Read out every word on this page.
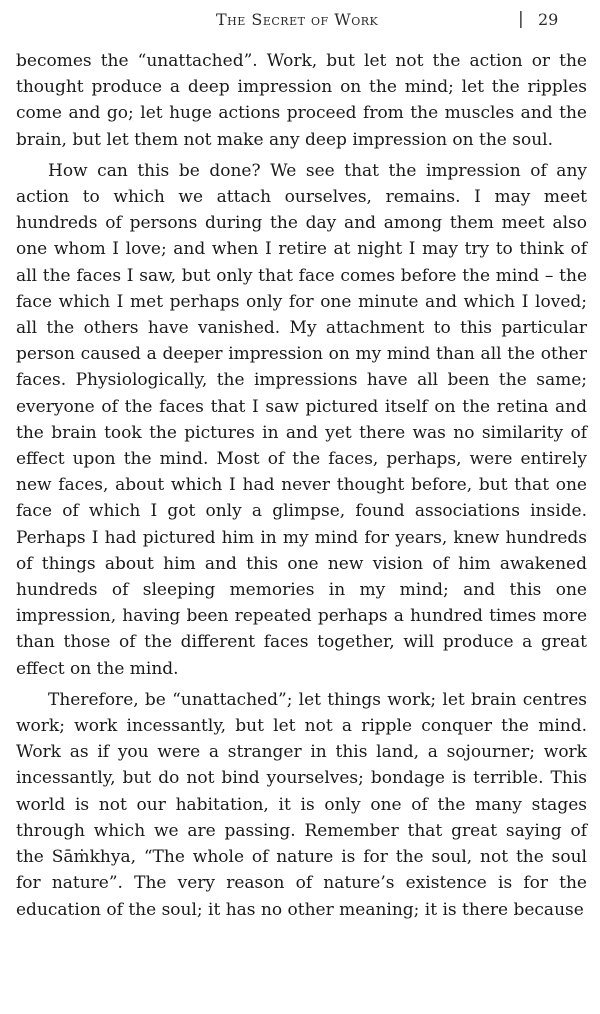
The Secret of Work	| 29

becomes the “unattached”. Work, but let not the action or the thought produce a deep impression on the mind; let the ripples come and go; let huge actions proceed from the muscles and the brain, but let them not make any deep impression on the soul.

How can this be done? We see that the impression of any action to which we attach ourselves, remains. I may meet hundreds of persons during the day and among them meet also one whom I love; and when I retire at night I may try to think of all the faces I saw, but only that face comes before the mind – the face which I met perhaps only for one minute and which I loved; all the others have vanished. My attachment to this particular person caused a deeper impression on my mind than all the other faces. Physiologically, the impressions have all been the same; everyone of the faces that I saw pictured itself on the retina and the brain took the pictures in and yet there was no similarity of effect upon the mind. Most of the faces, perhaps, were entirely new faces, about which I had never thought before, but that one face of which I got only a glimpse, found associations inside. Perhaps I had pictured him in my mind for years, knew hundreds of things about him and this one new vision of him awakened hundreds of sleeping memories in my mind; and this one impression, having been repeated perhaps a hundred times more than those of the different faces together, will produce a great effect on the mind.

Therefore, be “unattached”; let things work; let brain centres work; work incessantly, but let not a ripple conquer the mind. Work as if you were a stranger in this land, a sojourner; work incessantly, but do not bind yourselves; bondage is terrible. This world is not our habitation, it is only one of the many stages through which we are passing. Remember that great saying of the Sāṁkhya, “The whole of nature is for the soul, not the soul for nature”. The very reason of nature’s existence is for the education of the soul; it has no other meaning; it is there because
